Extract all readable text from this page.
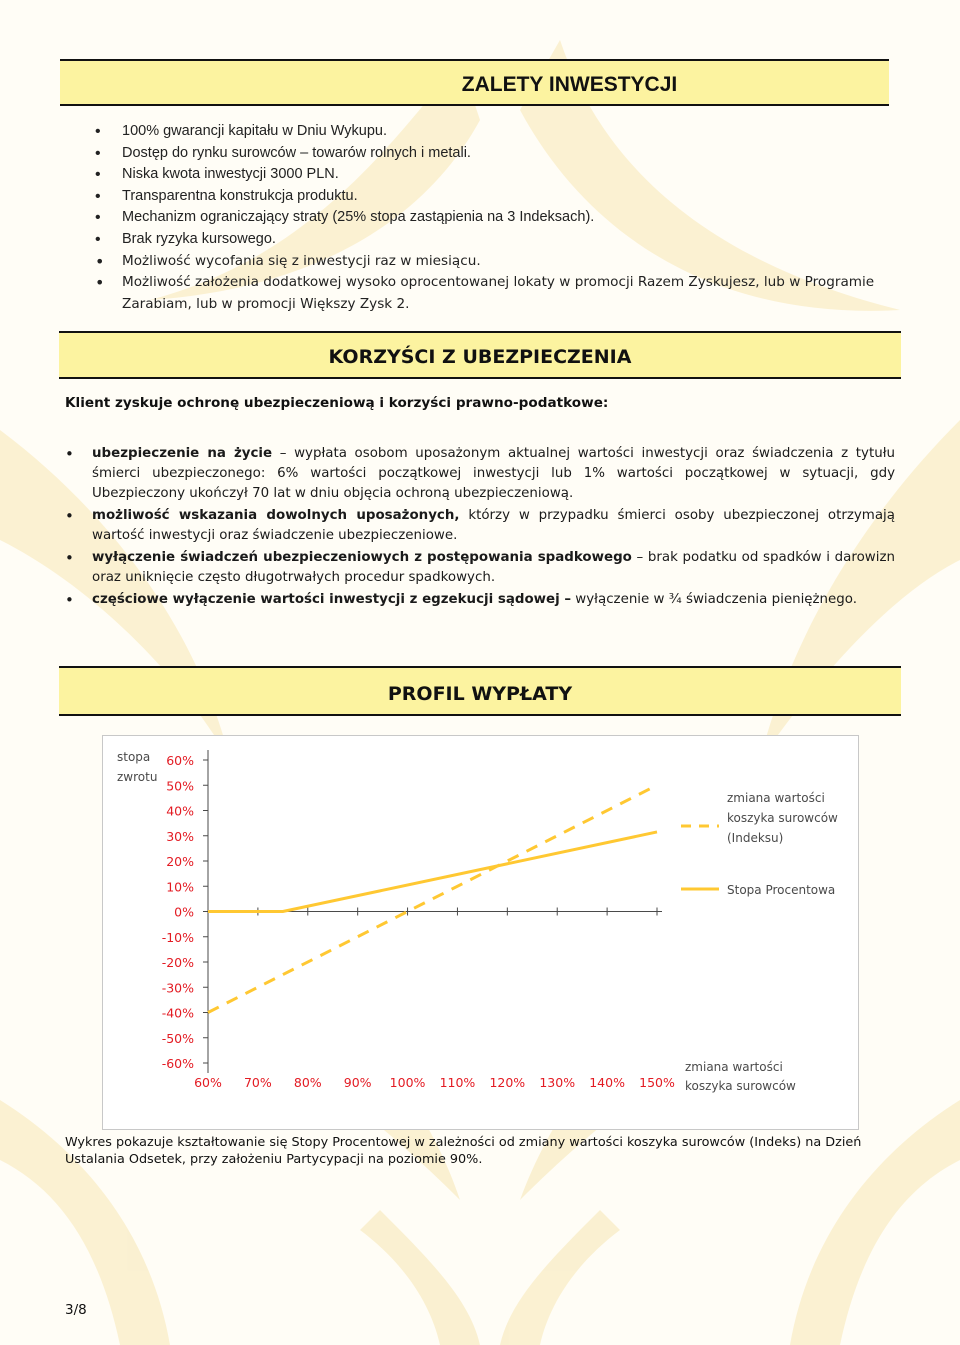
ZALETY INWESTYCJI
• 100% gwarancji kapitału w Dniu Wykupu.
• Dostęp do rynku surowców – towarów rolnych i metali.
• Niska kwota inwestycji 3000 PLN.
• Transparentna konstrukcja produktu.
• Mechanizm ograniczający straty (25% stopa zastąpienia na 3 Indeksach).
• Brak ryzyka kursowego.
• Możliwość wycofania się z inwestycji raz w miesiącu.
• Możliwość założenia dodatkowej wysoko oprocentowanej lokaty w promocji Razem Zyskujesz, lub w Programie Zarabiam, lub w promocji Większy Zysk 2.
KORZYŚCI Z UBEZPIECZENIA
Klient zyskuje ochronę ubezpieczeniową i korzyści prawno-podatkowe:
• ubezpieczenie na życie – wypłata osobom uposażonym aktualnej wartości inwestycji oraz świadczenia z tytułu śmierci ubezpieczonego: 6% wartości początkowej inwestycji lub 1% wartości początkowej w sytuacji, gdy Ubezpieczony ukończył 70 lat w dniu objęcia ochroną ubezpieczeniową.
• możliwość wskazania dowolnych uposażonych, którzy w przypadku śmierci osoby ubezpieczonej otrzymają wartość inwestycji oraz świadczenie ubezpieczeniowe.
• wyłączenie świadczeń ubezpieczeniowych z postępowania spadkowego – brak podatku od spadków i darowizn oraz uniknięcie często długotrwałych procedur spadkowych.
• częściowe wyłączenie wartości inwestycji z egzekucji sądowej – wyłączenie w ¾ świadczenia pieniężnego.
PROFIL WYPŁATY
60%
50%
40%
30%
20%
10%
0%
-10%
-20%
-30%
-40%
-50%
-60%
60% 70% 80% 90% 100% 110% 120% 130% 140% 150%
stopa
zwrotu
zmiana wartości
koszyka surowców
zmiana wartości
koszyka surowców
(Indeksu)
Stopa Procentowa
Wykres pokazuje kształtowanie się Stopy Procentowej w zależności od zmiany wartości koszyka surowców (Indeks) na Dzień Ustalania Odsetek, przy założeniu Partycypacji na poziomie 90%.
3/8
